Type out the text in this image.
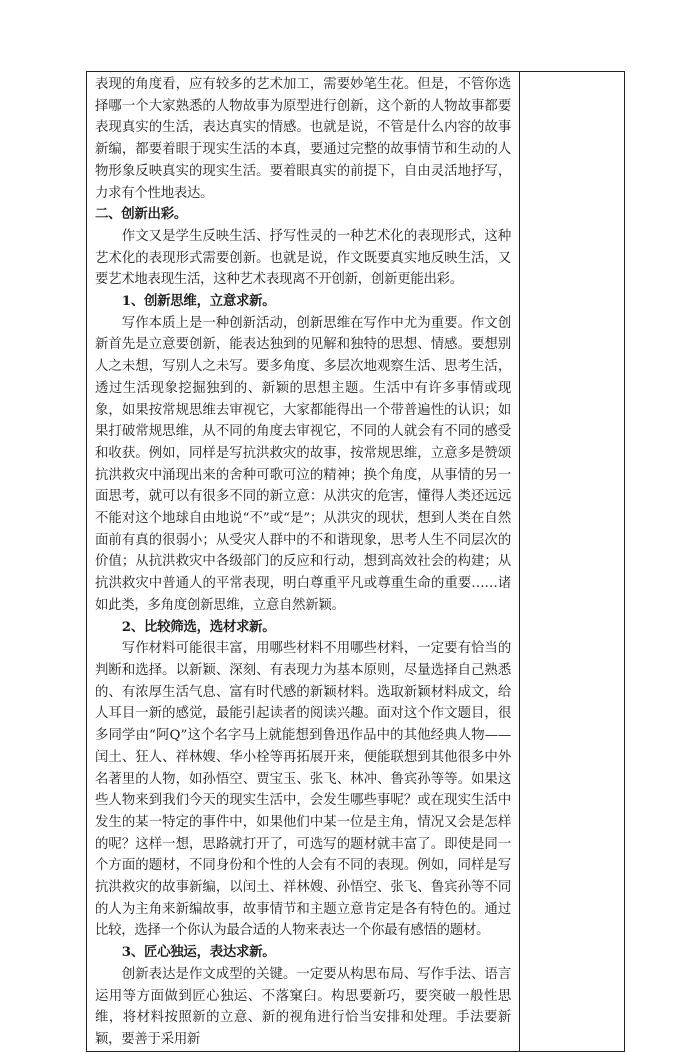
表现的角度看，应有较多的艺术加工，需要妙笔生花。但是，不管你选择哪一个大家熟悉的人物故事为原型进行创新，这个新的人物故事都要表现真实的生活，表达真实的情感。也就是说，不管是什么内容的故事新编，都要着眼于现实生活的本真，要通过完整的故事情节和生动的人物形象反映真实的现实生活。要着眼真实的前提下，自由灵活地抒写，力求有个性地表达。

二、创新出彩。

作文又是学生反映生活、抒写性灵的一种艺术化的表现形式，这种艺术化的表现形式需要创新。也就是说，作文既要真实地反映生活，又要艺术地表现生活，这种艺术表现离不开创新，创新更能出彩。

1、创新思维，立意求新。

写作本质上是一种创新活动，创新思维在写作中尤为重要。作文创新首先是立意要创新，能表达独到的见解和独特的思想、情感。要想别人之未想，写别人之未写。要多角度、多层次地观察生活、思考生活，透过生活现象挖掘独到的、新颖的思想主题。生活中有许多事情或现象，如果按常规思维去审视它，大家都能得出一个带普遍性的认识；如果打破常规思维，从不同的角度去审视它，不同的人就会有不同的感受和收获。例如，同样是写抗洪救灾的故事，按常规思维，立意多是赞颂抗洪救灾中涌现出来的舍种可歌可泣的精神；换个角度，从事情的另一面思考，就可以有很多不同的新立意：从洪灾的危害，懂得人类还远远不能对这个地球自由地说“不”或“是”；从洪灾的现状，想到人类在自然面前有真的很弱小；从受灾人群中的不和谐现象，思考人生不同层次的价值；从抗洪救灾中各级部门的反应和行动，想到高效社会的构建；从抗洪救灾中普通人的平常表现，明白尊重平凡或尊重生命的重要……诸如此类，多角度创新思维，立意自然新颖。

2、比较筛选，选材求新。

写作材料可能很丰富，用哪些材料不用哪些材料，一定要有恰当的判断和选择。以新颖、深刻、有表现力为基本原则，尽量选择自己熟悉的、有浓厚生活气息、富有时代感的新颖材料。选取新颖材料成文，给人耳目一新的感觉，最能引起读者的阅读兴趣。面对这个作文题目，很多同学由“阿Q”这个名字马上就能想到鲁迅作品中的其他经典人物——闰土、狂人、祥林嫂、华小栓等再拓展开来，便能联想到其他很多中外名著里的人物，如孙悟空、贾宝玉、张飞、林冲、鲁宾孙等等。如果这些人物来到我们今天的现实生活中，会发生哪些事呢？或在现实生活中发生的某一特定的事件中，如果他们中某一位是主角，情况又会是怎样的呢？这样一想，思路就打开了，可选写的题材就丰富了。即使是同一个方面的题材，不同身份和个性的人会有不同的表现。例如，同样是写抗洪救灾的故事新编，以闰土、祥林嫂、孙悟空、张飞、鲁宾孙等不同的人为主角来新编故事，故事情节和主题立意肯定是各有特色的。通过比较，选择一个你认为最合适的人物来表达一个你最有感悟的题材。

3、匠心独运，表达求新。

创新表达是作文成型的关键。一定要从构思布局、写作手法、语言运用等方面做到匠心独运、不落窠臼。构思要新巧，要突破一般性思维，将材料按照新的立意、新的视角进行恰当安排和处理。手法要新颖，要善于采用新
